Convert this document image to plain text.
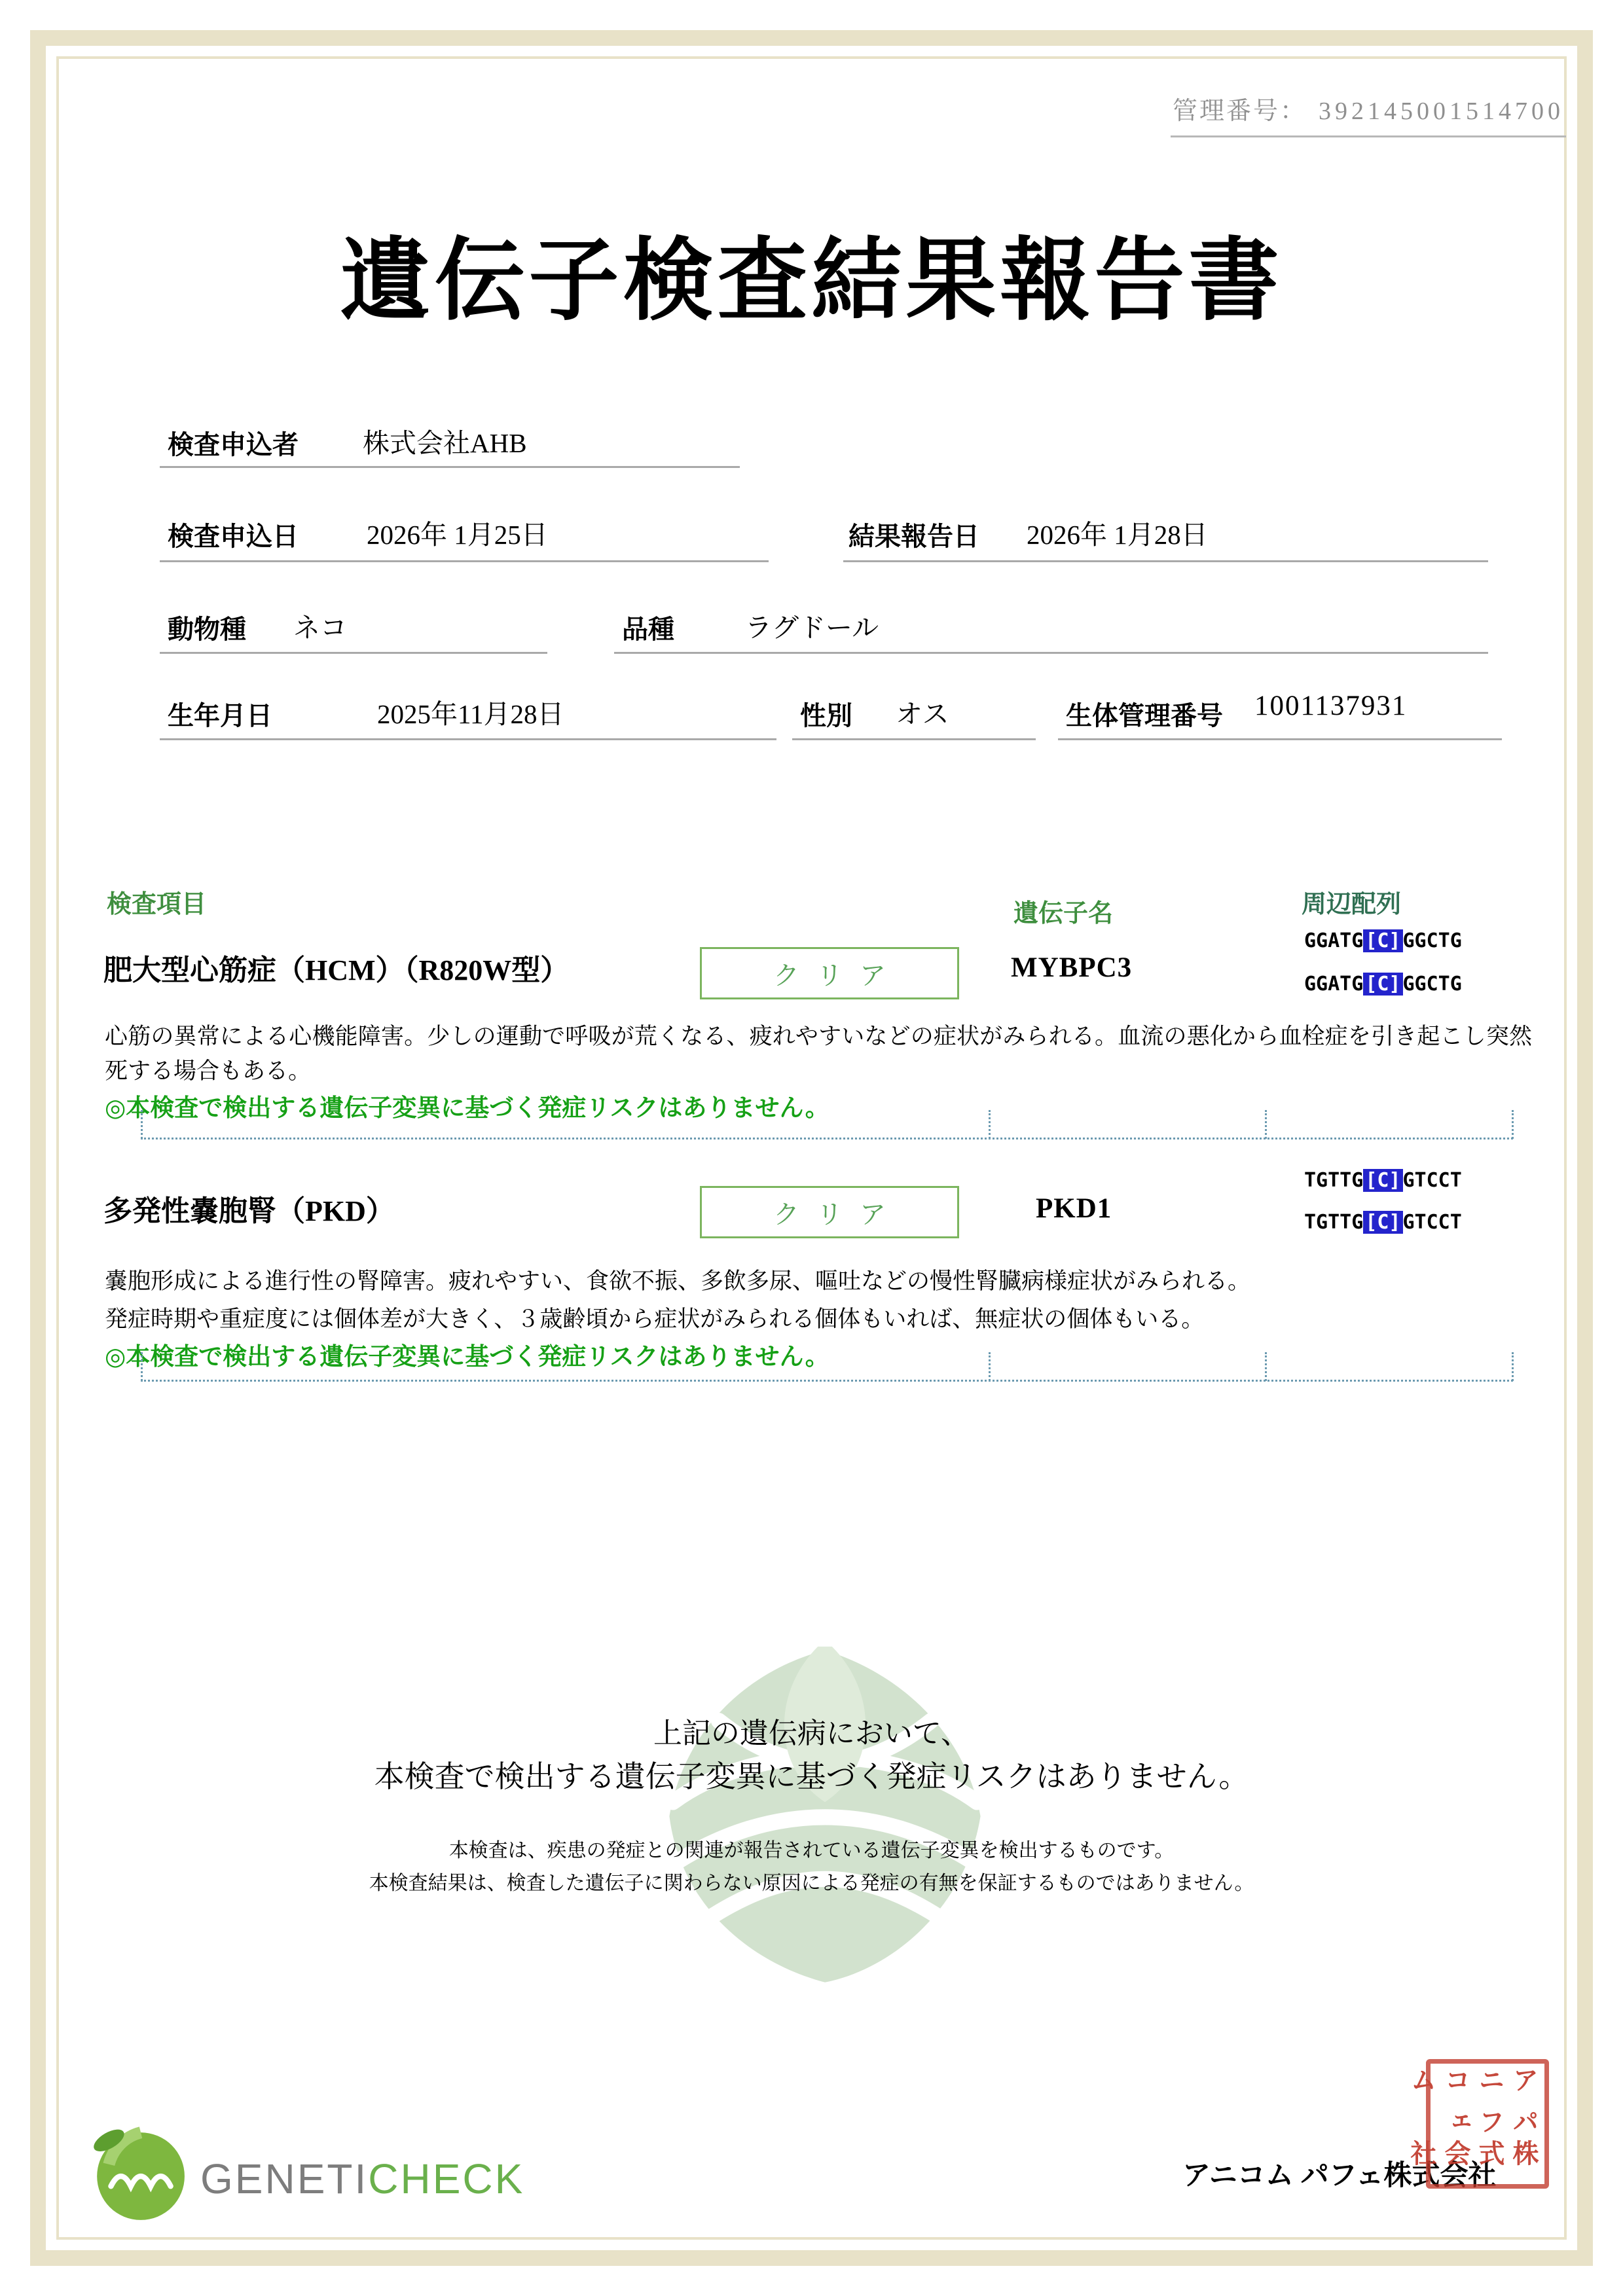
管理番号： 392145001514700
遺伝子検査結果報告書
検査申込者 株式会社AHB
検査申込日	2026年 1月25日	結果報告日 2026年 1月28日
動物種 ネコ	品種	ラグドール
生年月日	2025年11月28日	性別 オス	生体管理番号 1001137931
検査項目	遺伝子名	周辺配列
肥大型心筋症（HCM）（R820W型）	クリア	MYBPC3
GGATG [C] GGCTG
GGATG [C] GGCTG
心筋の異常による心機能障害。少しの運動で呼吸が荒くなる、疲れやすいなどの症状がみられる。血流の悪化から血栓症を引き起こし突然死する場合もある。
◎本検査で検出する遺伝子変異に基づく発症リスクはありません。
多発性嚢胞腎（PKD）	クリア	PKD1
TGTTG [C] GTCCT
TGTTG [C] GTCCT
嚢胞形成による進行性の腎障害。疲れやすい、食欲不振、多飲多尿、嘔吐などの慢性腎臓病様症状がみられる。
発症時期や重症度には個体差が大きく、３歳齢頃から症状がみられる個体もいれば、無症状の個体もいる。
◎本検査で検出する遺伝子変異に基づく発症リスクはありません。
上記の遺伝病において、
本検査で検出する遺伝子変異に基づく発症リスクはありません。
本検査は、疾患の発症との関連が報告されている遺伝子変異を検出するものです。
本検査結果は、検査した遺伝子に関わらない原因による発症の有無を保証するものではありません。
GENETICHECK	アニコム パフェ株式会社
アニコム
パフェ
株式会社
